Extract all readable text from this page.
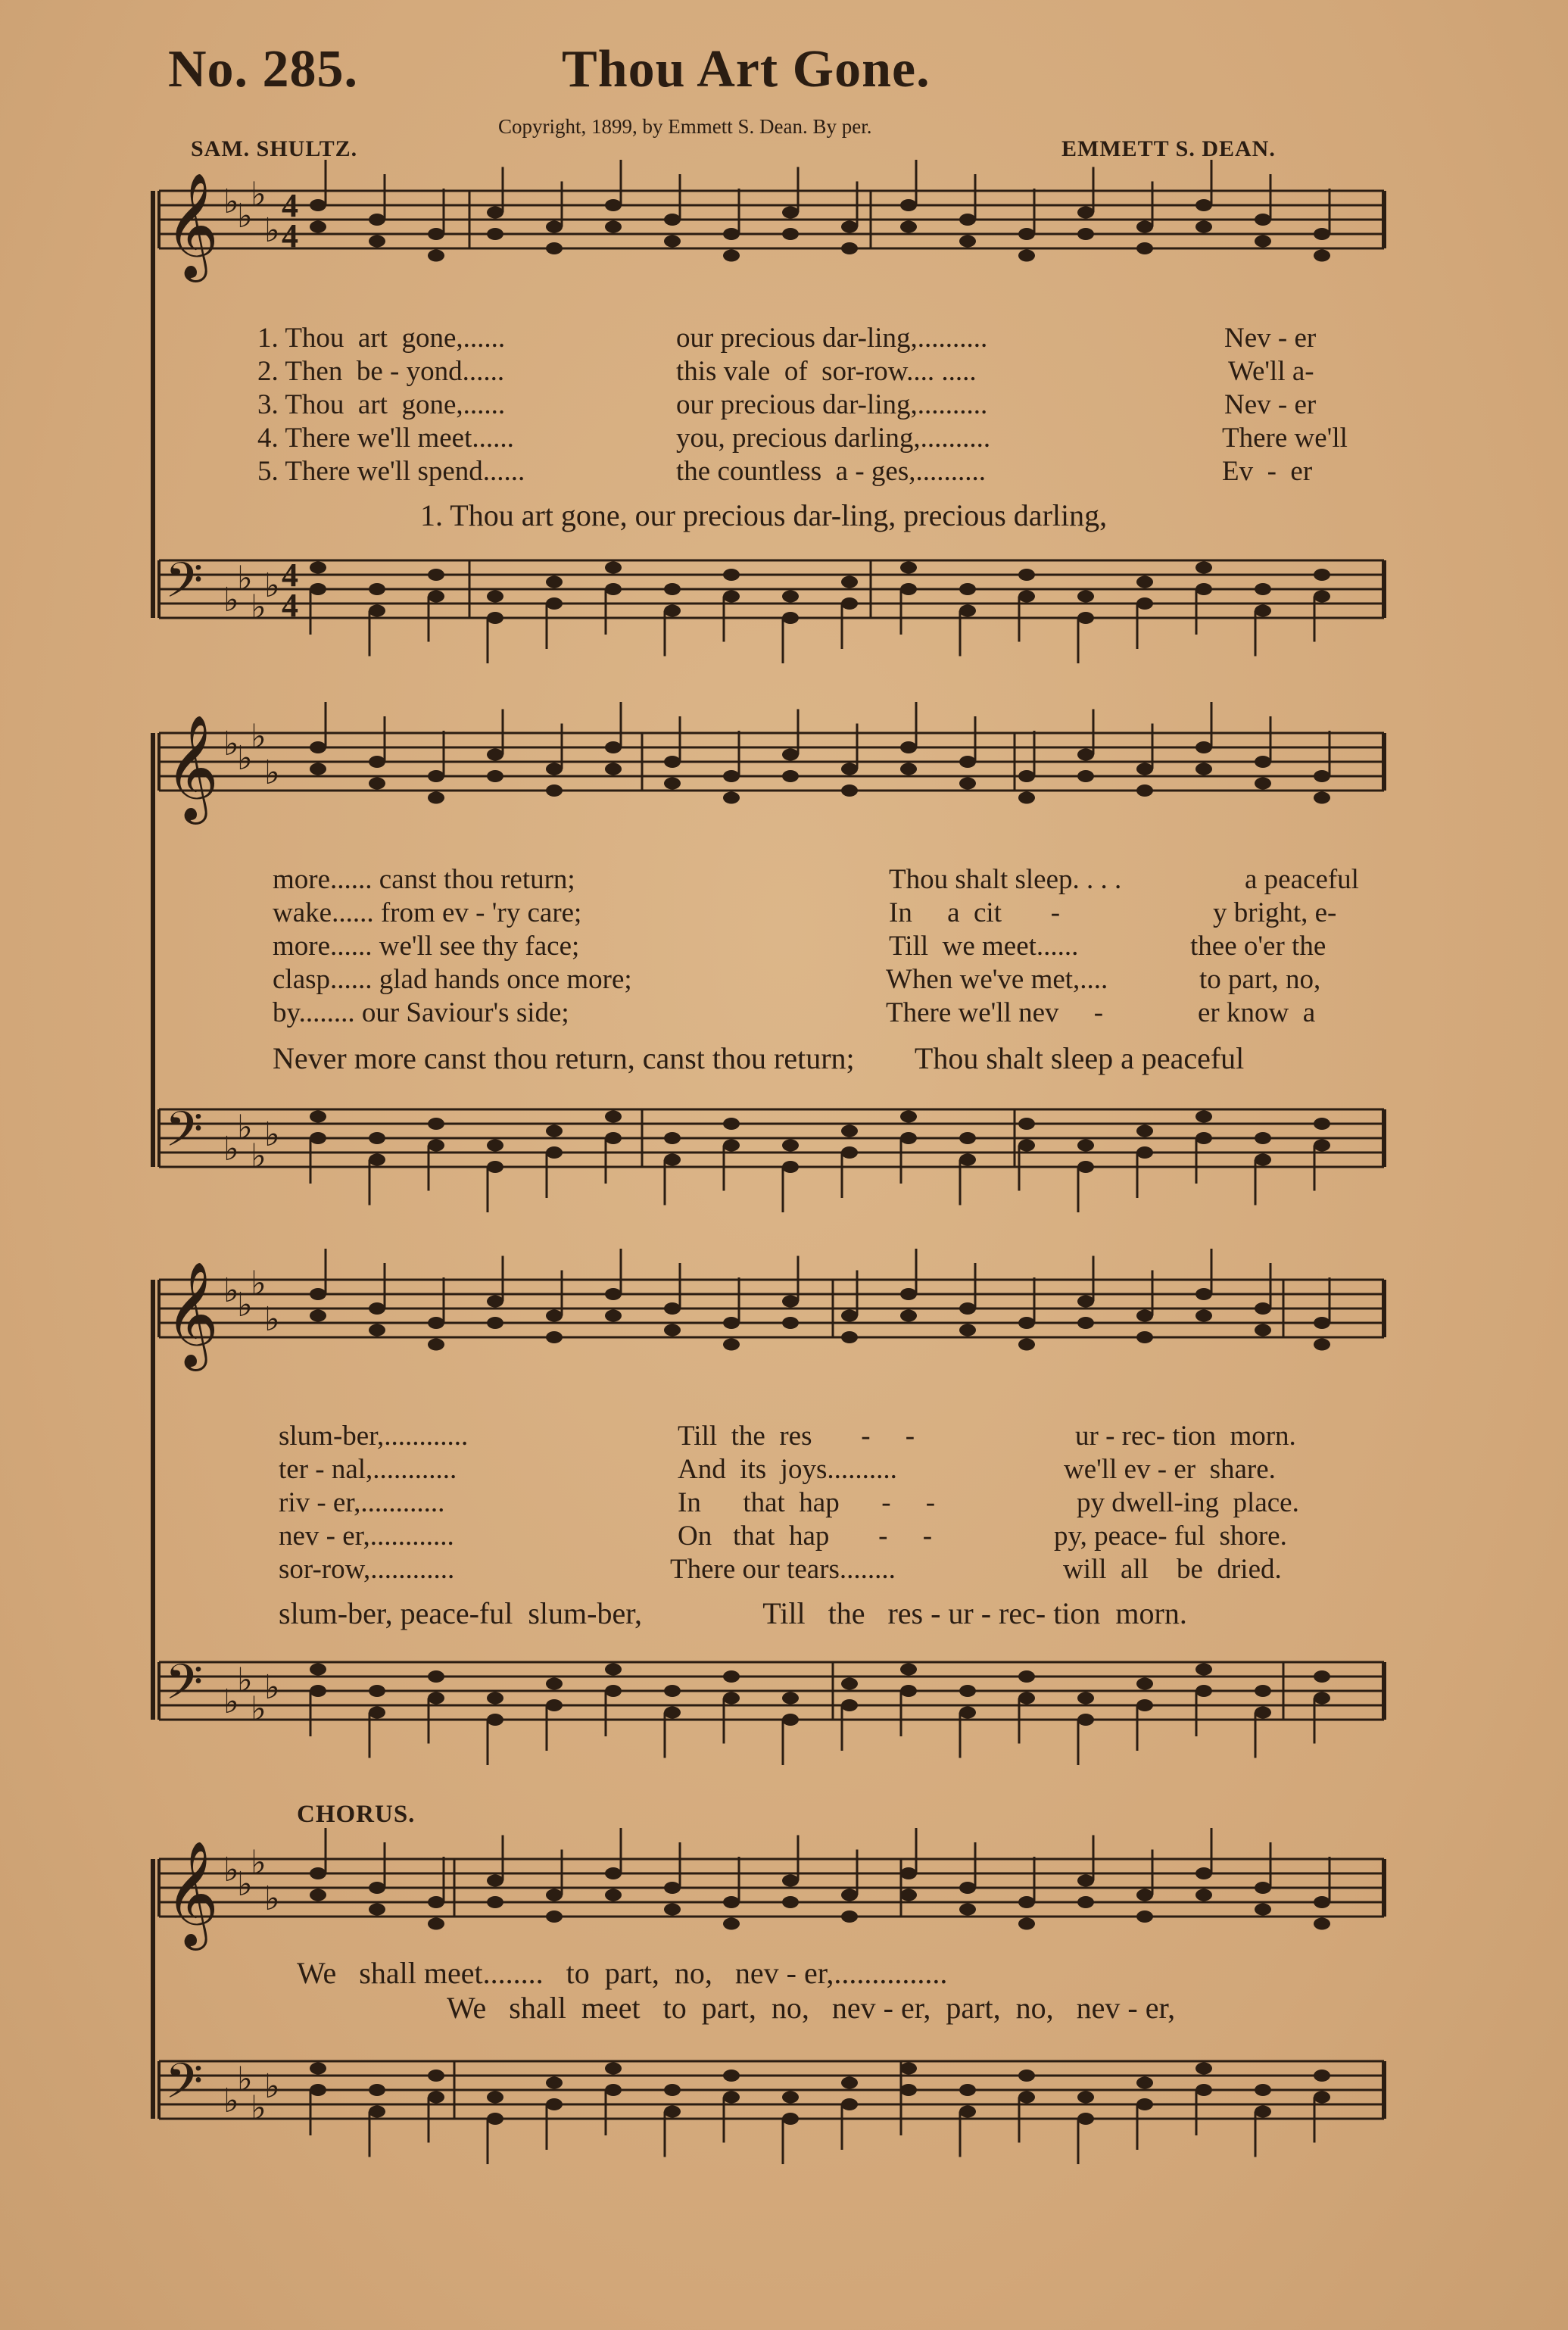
No. 285.	Thou Art Gone.
Copyright, 1899, by Emmett S. Dean. By per.
SAM. SHULTZ.	EMMETT S. DEAN.
𝄞 ♭
♭
♭
♭
4
4
𝄢 ♭
♭
♭
♭ 4
4
𝄞 ♭
♭
♭
♭
𝄢 ♭
♭
♭
♭
𝄞 ♭
♭
♭
♭
𝄢 ♭
♭
♭
♭
𝄞 ♭
♭
♭
♭
𝄢 ♭
♭
♭
♭
1. Thou  art  gone,......	our precious dar-ling,..........	Nev - er
2. Then  be - yond......	this vale  of  sor-row.... .....	We'll a-
3. Thou  art  gone,......	our precious dar-ling,..........	Nev - er
4. There we'll meet......	you, precious darling,..........	There we'll
5. There we'll spend......	the countless  a - ges,..........	Ev  -  er
1. Thou art gone, our precious dar-ling, precious darling,
more...... canst thou return;	Thou shalt sleep. . . .	a peaceful
wake...... from ev - 'ry care;	In     a  cit       -	y bright, e-
more...... we'll see thy face;	Till  we meet......	thee o'er the
clasp...... glad hands once more;	When we've met,....	to part, no,
by........ our Saviour's side;	There we'll nev     -	er know  a
Never more canst thou return, canst thou return;        Thou shalt sleep a peaceful
slum-ber,............	Till  the  res       -     -	ur - rec- tion  morn.
ter - nal,............	And  its  joys..........	we'll ev - er  share.
riv - er,............	In      that  hap      -     -	py dwell-ing  place.
nev - er,............	On   that  hap       -     -	py, peace- ful  shore.
sor-row,............	There our tears........	will  all    be  dried.
slum-ber, peace-ful  slum-ber,                Till   the   res - ur - rec- tion  morn.
CHORUS.
We   shall meet........   to  part,  no,   nev - er,...............
We   shall  meet   to  part,  no,   nev - er,  part,  no,   nev - er,
